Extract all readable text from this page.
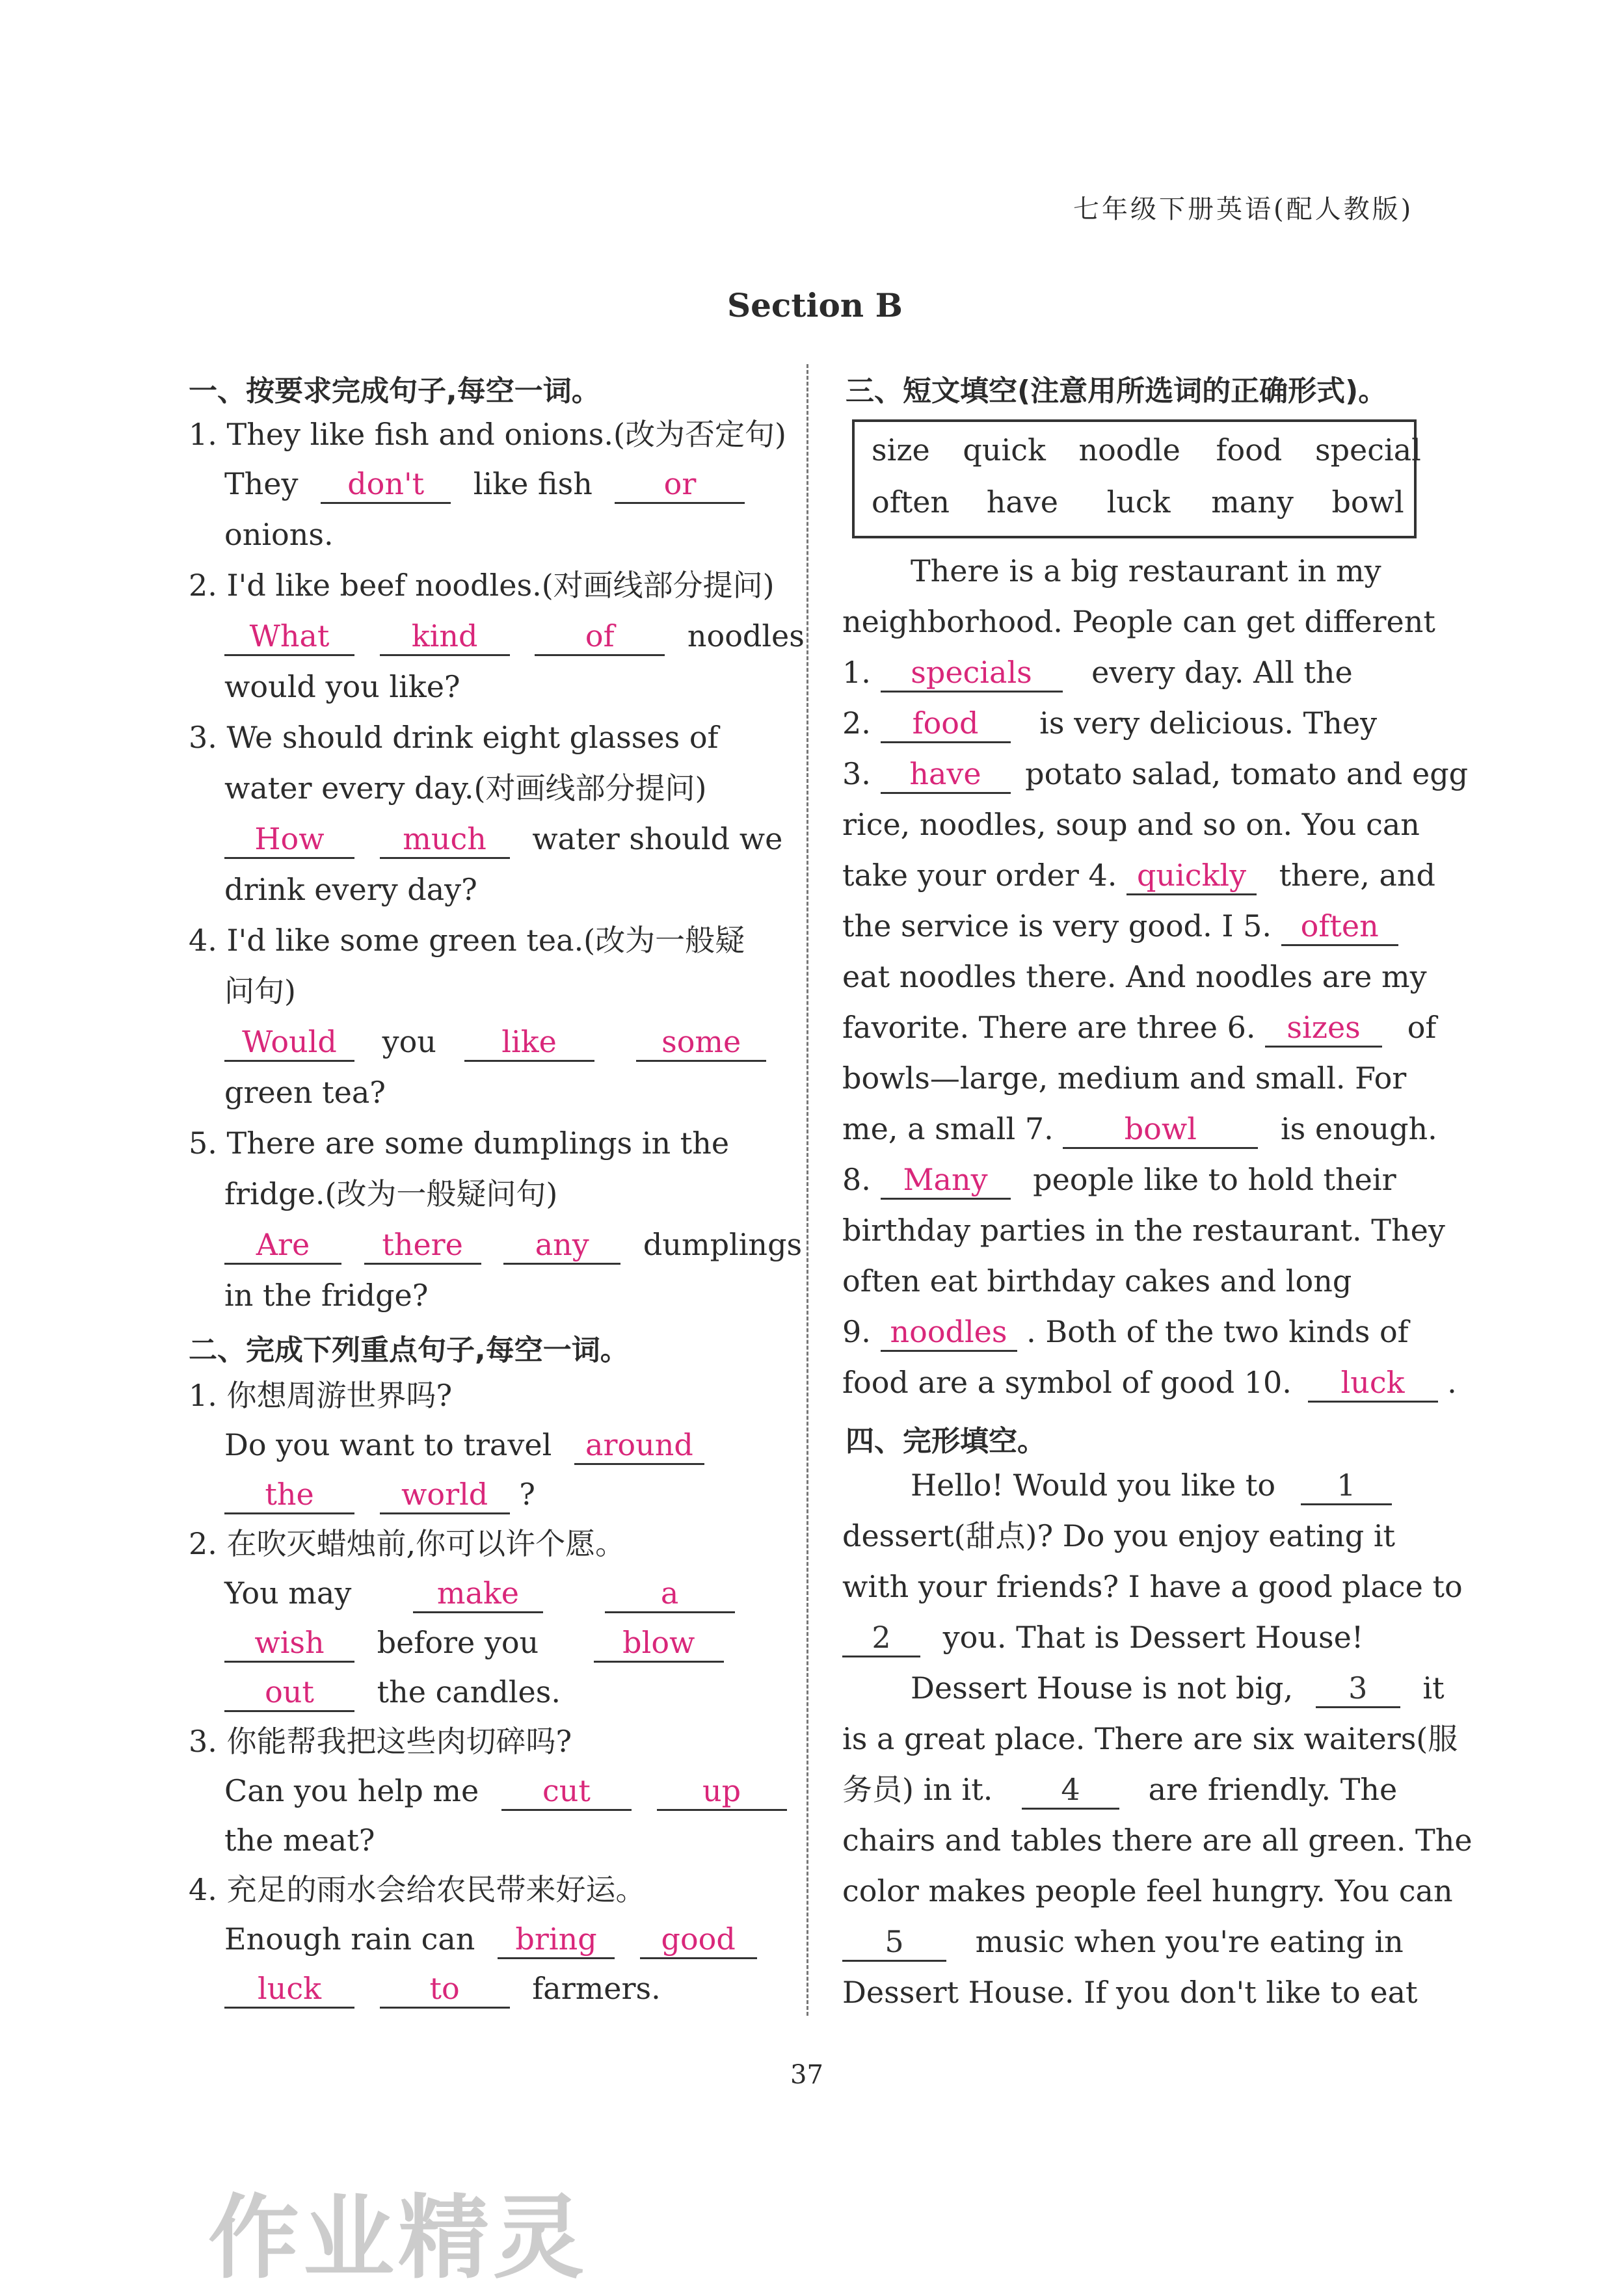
七年级下册英语(配人教版)
Section B
一、按要求完成句子,每空一词。
1. They like fish and onions.(改为否定句)
They don't like fish or
onions.
2. I'd like beef noodles.(对画线部分提问)
What	kind	of noodles
would you like?
3. We should drink eight glasses of
water every day.(对画线部分提问)
How	much water should we
drink every day?
4. I'd like some green tea.(改为一般疑
问句)
Would you like	some
green tea?
5. There are some dumplings in the
fridge.(改为一般疑问句)
Are there any dumplings
in the fridge?
二、完成下列重点句子,每空一词。
1. 你想周游世界吗?
Do you want to travel around
the	world ?
2. 在吹灭蜡烛前,你可以许个愿。
You may	make	a
wish before you	blow
out the candles.
3. 你能帮我把这些肉切碎吗?
Can you help me cut	up
the meat?
4. 充足的雨水会给农民带来好运。
Enough rain can bring good
luck	to farmers.
三、短文填空(注意用所选词的正确形式)。
size quick noodle food special
often have luck many bowl
There is a big restaurant in my
neighborhood. People can get different
1. specials every day. All the
2. food is very delicious. They
3. have potato salad, tomato and egg
rice, noodles, soup and so on. You can
take your order 4. quickly there, and
the service is very good. I 5. often
eat noodles there. And noodles are my
favorite. There are three 6. sizes of
bowls—large, medium and small. For
me, a small 7. bowl	is enough.
8. Many people like to hold their
birthday parties in the restaurant. They
often eat birthday cakes and long
9. noodles . Both of the two kinds of
food are a symbol of good 10. luck .
四、完形填空。
Hello! Would you like to 1
dessert(甜点)? Do you enjoy eating it
with your friends? I have a good place to
2 you. That is Dessert House!
Dessert House is not big, 3 it
is a great place. There are six waiters(服
务员) in it. 4 are friendly. The
chairs and tables there are all green. The
color makes people feel hungry. You can
5 music when you're eating in
Dessert House. If you don't like to eat
37
作业精灵
